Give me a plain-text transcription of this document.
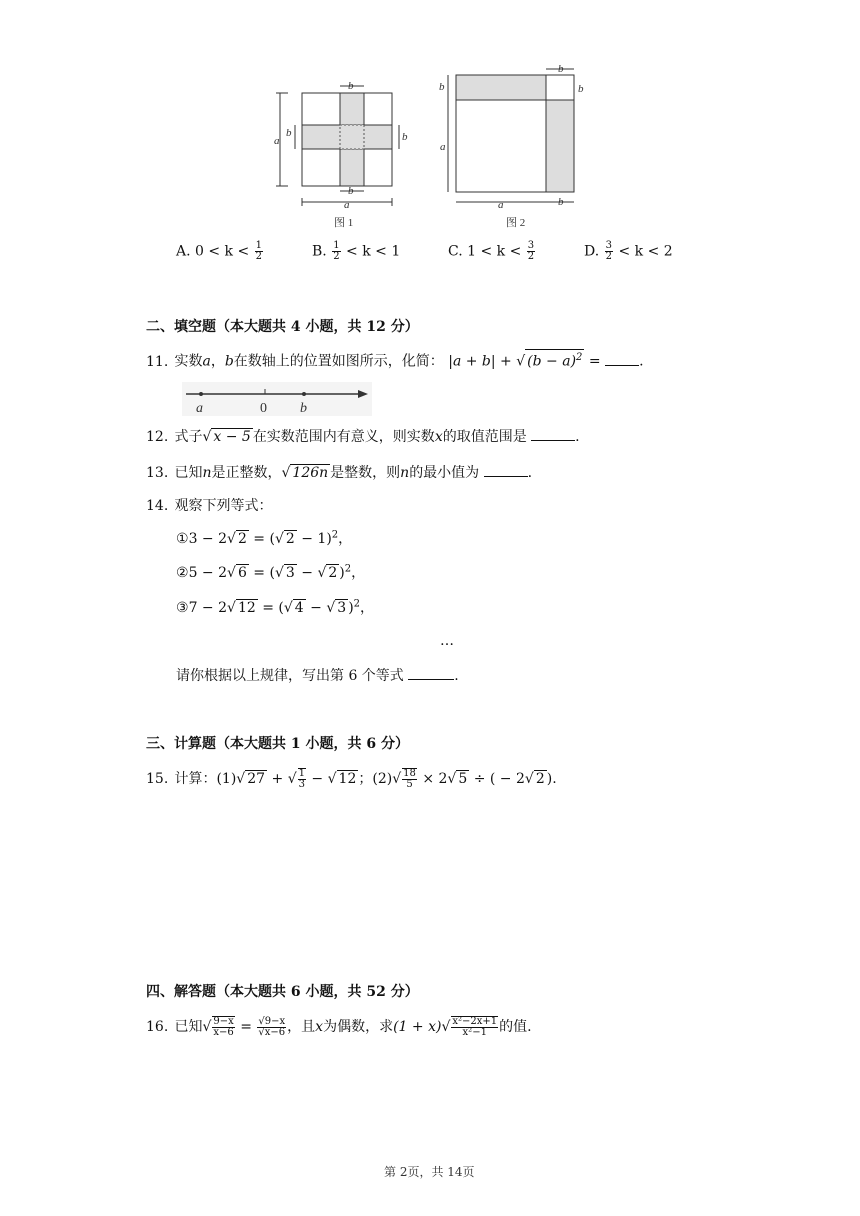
a
b	b
b
b
a
图 1
b
b	b
a
a	b
图 2
A. $0 < k < \frac{1}{2}$	B. $\frac{1}{2} < k < 1$	C. $1 < k < \frac{3}{2}$	D. $\frac{3}{2} < k < 2$
二、填空题（本大题共 4 小题，共 12 分）
11. 实数a，b在数轴上的位置如图所示，化简： |a + b| + √ $(b - a)^2$ =	.
a	0 b
12. 式子√ x − 5 在实数范围内有意义，则实数x的取值范围是	.
13. 已知n是正整数，√ 126n 是整数，则n的最小值为	.
14. 观察下列等式：
①3 − 2√ 2 = (√ 2 − 1)$^2$，
②5 − 2√ 6 = (√ 3 − √ 2 )$^2$，
③7 − 2√ 12 = (√ 4 − √ 3 )$^2$，
…
请你根据以上规律，写出第 6 个等式	.
三、计算题（本大题共 1 小题，共 6 分）
15. 计算：(1)√ 27 + √ $\frac{1}{3}$ − √ 12 ；$(2)√ \frac{18}{5} \times 2√$ 5 ÷ ( − 2√ 2 ).
四、解答题（本大题共 6 小题，共 52 分）
16. 已知√ $\frac{9-x}{x-6} = \frac{√9-x}{√x-6}$ ，且x为偶数，求$(1 + x)√ \frac{\text{x²−2x+1}}{\text{x²−1}}$ 的值.
第 2页，共 14页
